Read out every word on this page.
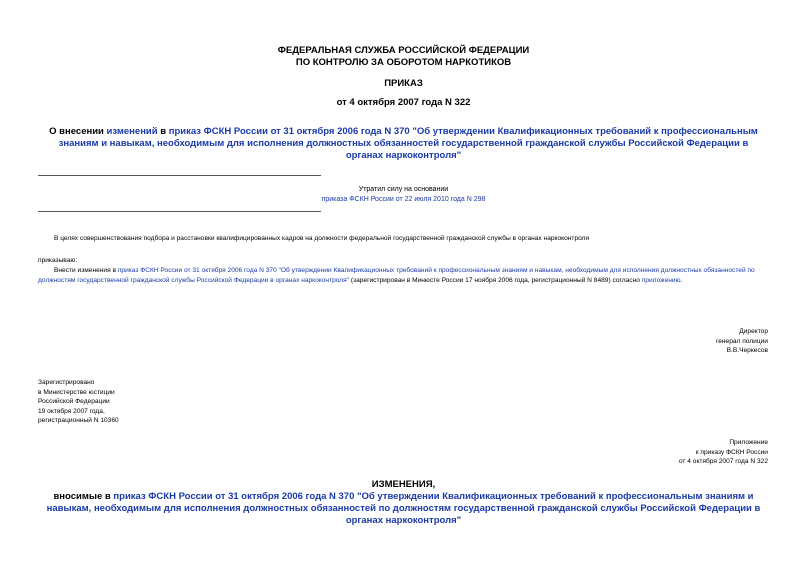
ФЕДЕРАЛЬНАЯ СЛУЖБА РОССИЙСКОЙ ФЕДЕРАЦИИ
ПО КОНТРОЛЮ ЗА ОБОРОТОМ НАРКОТИКОВ
ПРИКАЗ
от 4 октября 2007 года N 322
О внесении изменений в приказ ФСКН России от 31 октября 2006 года N 370 "Об утверждении Квалификационных требований к профессиональным знаниям и навыкам, необходимым для исполнения должностных обязанностей государственной гражданской службы Российской Федерации в органах наркоконтроля"
Утратил силу на основании
приказа ФСКН России от 22 июля 2010 года N 298
В целях совершенствования подбора и расстановки квалифицированных кадров на должности федеральной государственной гражданской службы в органах наркоконтроля
приказываю:
Внести изменения в приказ ФСКН России от 31 октября 2006 года N 370 "Об утверждении Квалификационных требований к профессиональным знаниям и навыкам, необходимым для исполнения должностных обязанностей по должностям государственной гражданской службы Российской Федерации в органах наркоконтроля" (зарегистрирован в Минюсте России 17 ноября 2006 года, регистрационный N 8489) согласно приложению.
Директор
генерал полиции
В.В.Черкесов
Зарегистрировано
в Министерстве юстиции
Российской Федерации
19 октября 2007 года,
регистрационный N 10360
Приложение
к приказу ФСКН России
от 4 октября 2007 года N 322
ИЗМЕНЕНИЯ,
вносимые в приказ ФСКН России от 31 октября 2006 года N 370 "Об утверждении Квалификационных требований к профессиональным знаниям и навыкам, необходимым для исполнения должностных обязанностей по должностям государственной гражданской службы Российской Федерации в органах наркоконтроля"
